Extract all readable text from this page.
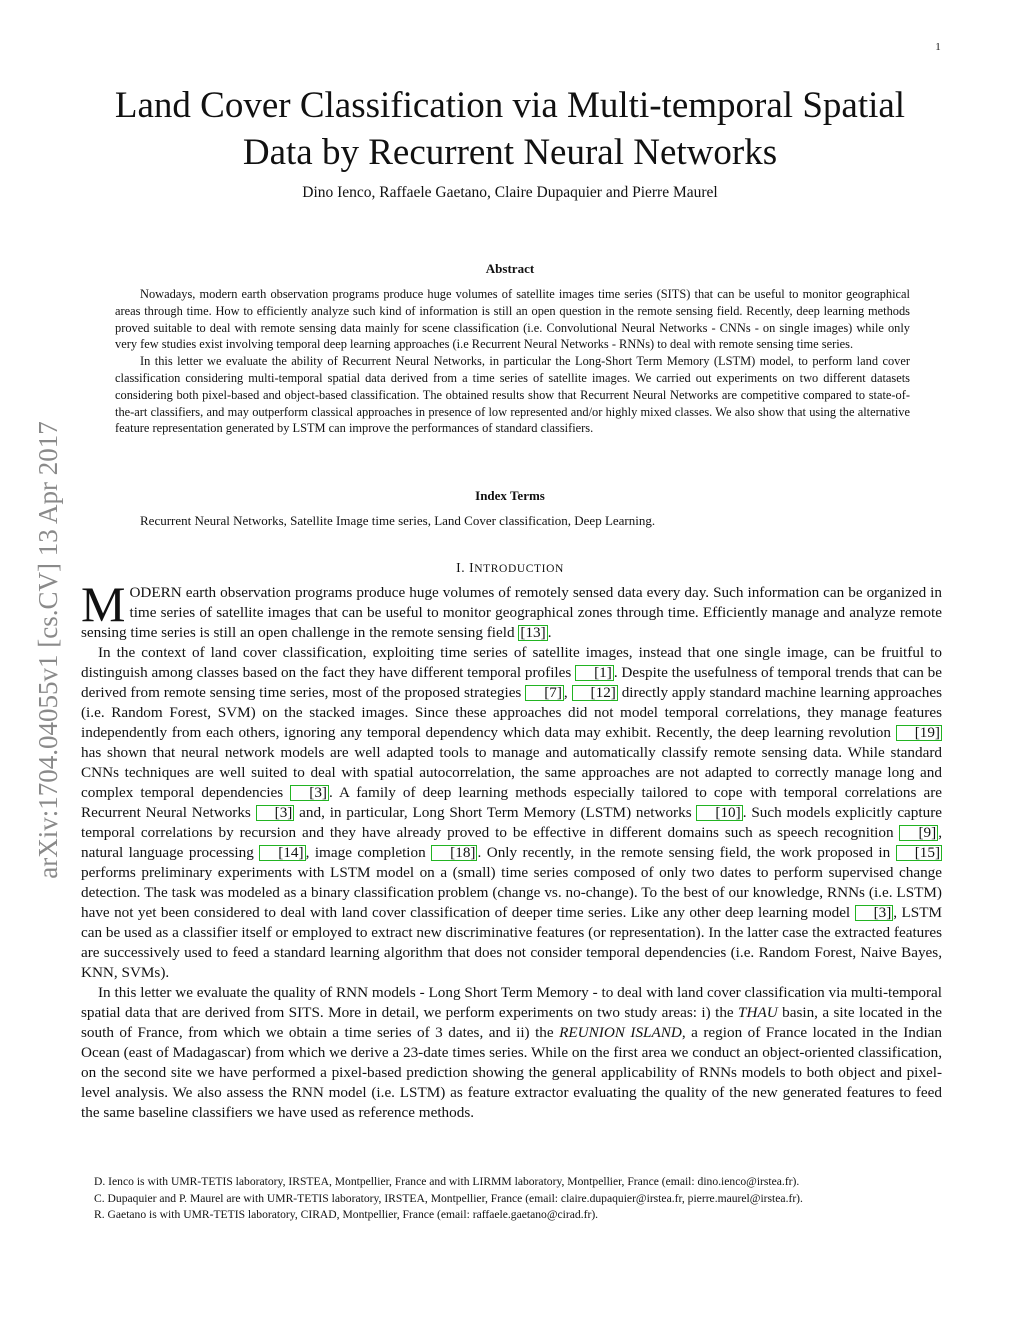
1
arXiv:1704.04055v1 [cs.CV] 13 Apr 2017
Land Cover Classification via Multi-temporal Spatial Data by Recurrent Neural Networks
Dino Ienco, Raffaele Gaetano, Claire Dupaquier and Pierre Maurel
Abstract

Nowadays, modern earth observation programs produce huge volumes of satellite images time series (SITS) that can be useful to monitor geographical areas through time. How to efficiently analyze such kind of information is still an open question in the remote sensing field. Recently, deep learning methods proved suitable to deal with remote sensing data mainly for scene classification (i.e. Convolutional Neural Networks - CNNs - on single images) while only very few studies exist involving temporal deep learning approaches (i.e Recurrent Neural Networks - RNNs) to deal with remote sensing time series.

In this letter we evaluate the ability of Recurrent Neural Networks, in particular the Long-Short Term Memory (LSTM) model, to perform land cover classification considering multi-temporal spatial data derived from a time series of satellite images. We carried out experiments on two different datasets considering both pixel-based and object-based classification. The obtained results show that Recurrent Neural Networks are competitive compared to state-of-the-art classifiers, and may outperform classical approaches in presence of low represented and/or highly mixed classes. We also show that using the alternative feature representation generated by LSTM can improve the performances of standard classifiers.

Index Terms
Recurrent Neural Networks, Satellite Image time series, Land Cover classification, Deep Learning.
I. INTRODUCTION

MODERN earth observation programs produce huge volumes of remotely sensed data every day. Such information can be organized in time series of satellite images that can be useful to monitor geographical zones through time. Efficiently manage and analyze remote sensing time series is still an open challenge in the remote sensing field [13] .

In the context of land cover classification, exploiting time series of satellite images, instead that one single image, can be fruitful to distinguish among classes based on the fact they have different temporal profiles [1] . Despite the usefulness of temporal trends that can be derived from remote sensing time series, most of the proposed strategies [7] , [12] directly apply standard machine learning approaches (i.e. Random Forest, SVM) on the stacked images. Since these approaches did not model temporal correlations, they manage features independently from each others, ignoring any temporal dependency which data may exhibit. Recently, the deep learning revolution [19] has shown that neural network models are well adapted tools to manage and automatically classify remote sensing data. While standard CNNs techniques are well suited to deal with spatial autocorrelation, the same approaches are not adapted to correctly manage long and complex temporal dependencies [3] . A family of deep learning methods especially tailored to cope with temporal correlations are Recurrent Neural Networks [3] and, in particular, Long Short Term Memory (LSTM) networks [10] . Such models explicitly capture temporal correlations by recursion and they have already proved to be effective in different domains such as speech recognition [9] , natural language processing [14] , image completion [18] . Only recently, in the remote sensing field, the work proposed in [15] performs preliminary experiments with LSTM model on a (small) time series composed of only two dates to perform supervised change detection. The task was modeled as a binary classification problem (change vs. no-change). To the best of our knowledge, RNNs (i.e. LSTM) have not yet been considered to deal with land cover classification of deeper time series. Like any other deep learning model [3] , LSTM can be used as a classifier itself or employed to extract new discriminative features (or representation). In the latter case the extracted features are successively used to feed a standard learning algorithm that does not consider temporal dependencies (i.e. Random Forest, Naive Bayes, KNN, SVMs).

In this letter we evaluate the quality of RNN models - Long Short Term Memory - to deal with land cover classification via multi-temporal spatial data that are derived from SITS. More in detail, we perform experiments on two study areas: i) the THAU basin, a site located in the south of France, from which we obtain a time series of 3 dates, and ii) the REUNION ISLAND, a region of France located in the Indian Ocean (east of Madagascar) from which we derive a 23-date times series. While on the first area we conduct an object-oriented classification, on the second site we have performed a pixel-based prediction showing the general applicability of RNNs models to both object and pixel-level analysis. We also assess the RNN model (i.e. LSTM) as feature extractor evaluating the quality of the new generated features to feed the same baseline classifiers we have used as reference methods.

D. Ienco is with UMR-TETIS laboratory, IRSTEA, Montpellier, France and with LIRMM laboratory, Montpellier, France (email: dino.ienco@irstea.fr).

C. Dupaquier and P. Maurel are with UMR-TETIS laboratory, IRSTEA, Montpellier, France (email: claire.dupaquier@irstea.fr, pierre.maurel@irstea.fr).

R. Gaetano is with UMR-TETIS laboratory, CIRAD, Montpellier, France (email: raffaele.gaetano@cirad.fr).
